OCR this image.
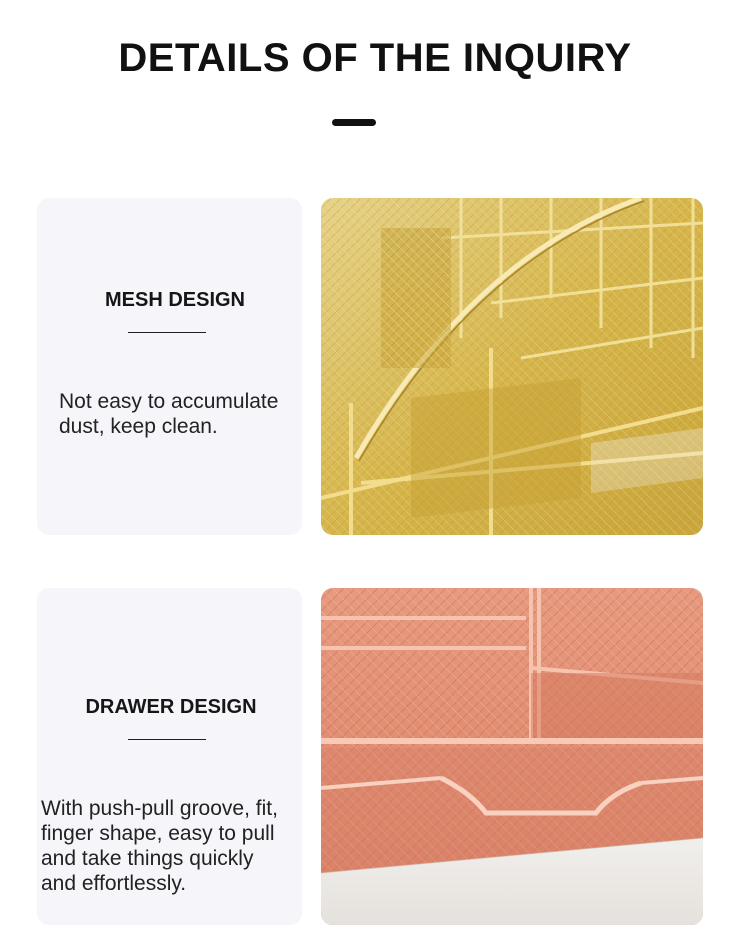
DETAILS OF THE INQUIRY
MESH DESIGN
Not easy to accumulate
dust, keep clean.
DRAWER DESIGN
With push-pull groove, fit,
finger shape, easy to pull
and take things quickly
and effortlessly.
